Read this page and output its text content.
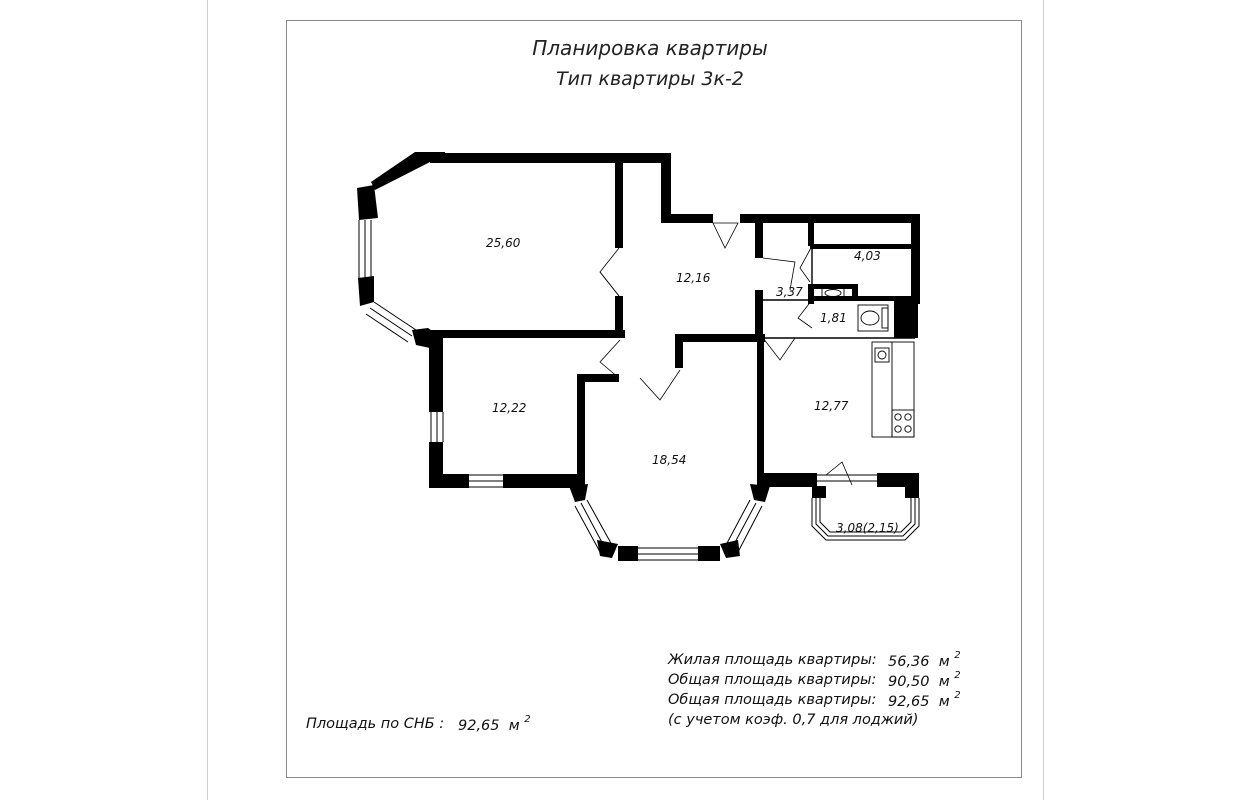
Планировка квартиры
Тип квартиры 3к-2
25,60
12,16
4,03
3,37
1,81
12,22
18,54
12,77
3,08(2,15)
Жилая площадь квартиры: 56,36 м $^2$
Общая площадь квартиры: 90,50 м $^2$
Общая площадь квартиры: 92,65 м $^2$
(с учетом коэф. 0,7 для лоджий)
Площадь по СНБ : 92,65 м $^2$
